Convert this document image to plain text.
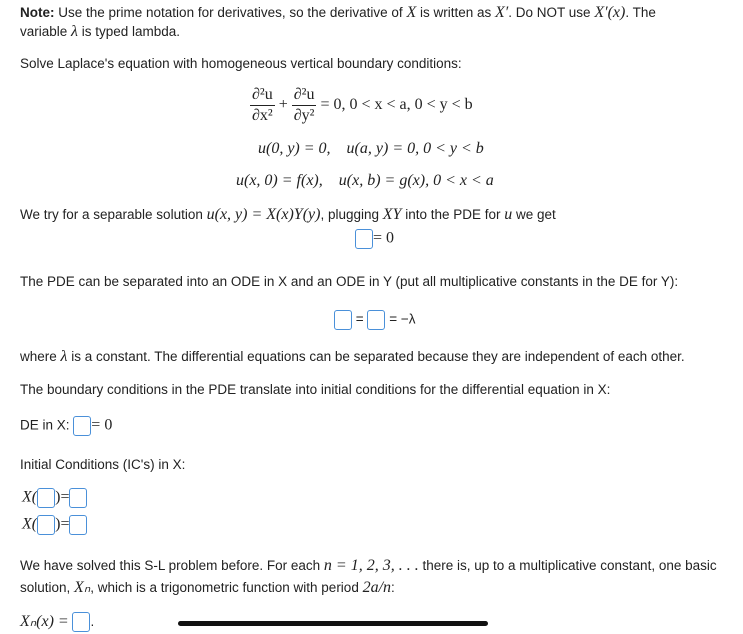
Note: Use the prime notation for derivatives, so the derivative of X is written as X′. Do NOT use X′(x). The
variable λ is typed lambda.
Solve Laplace's equation with homogeneous vertical boundary conditions:
$\frac{\text{∂²u}}{\text{∂x²}} + \frac{\text{∂²u}}{\text{∂y²}} = 0$, 0 < x < a, 0 < y < b
u(0, y) = 0,    u(a, y) = 0, 0 < y < b
u(x, 0) = f(x),    u(x, b) = g(x), 0 < x < a
We try for a separable solution u(x, y) = X(x)Y(y), plugging XY into the PDE for u we get
= 0
The PDE can be separated into an ODE in X and an ODE in Y (put all multiplicative constants in the DE for Y):
= = −λ
where λ is a constant. The differential equations can be separated because they are independent of each other.
The boundary conditions in the PDE translate into initial conditions for the differential equation in X:
DE in X: = 0
Initial Conditions (IC's) in X:
X( )=
X( )=
We have solved this S-L problem before. For each n = 1, 2, 3, . . . there is, up to a multiplicative constant, one basic
solution, Xₙ, which is a trigonometric function with period 2a/n:
Xₙ(x) = .
